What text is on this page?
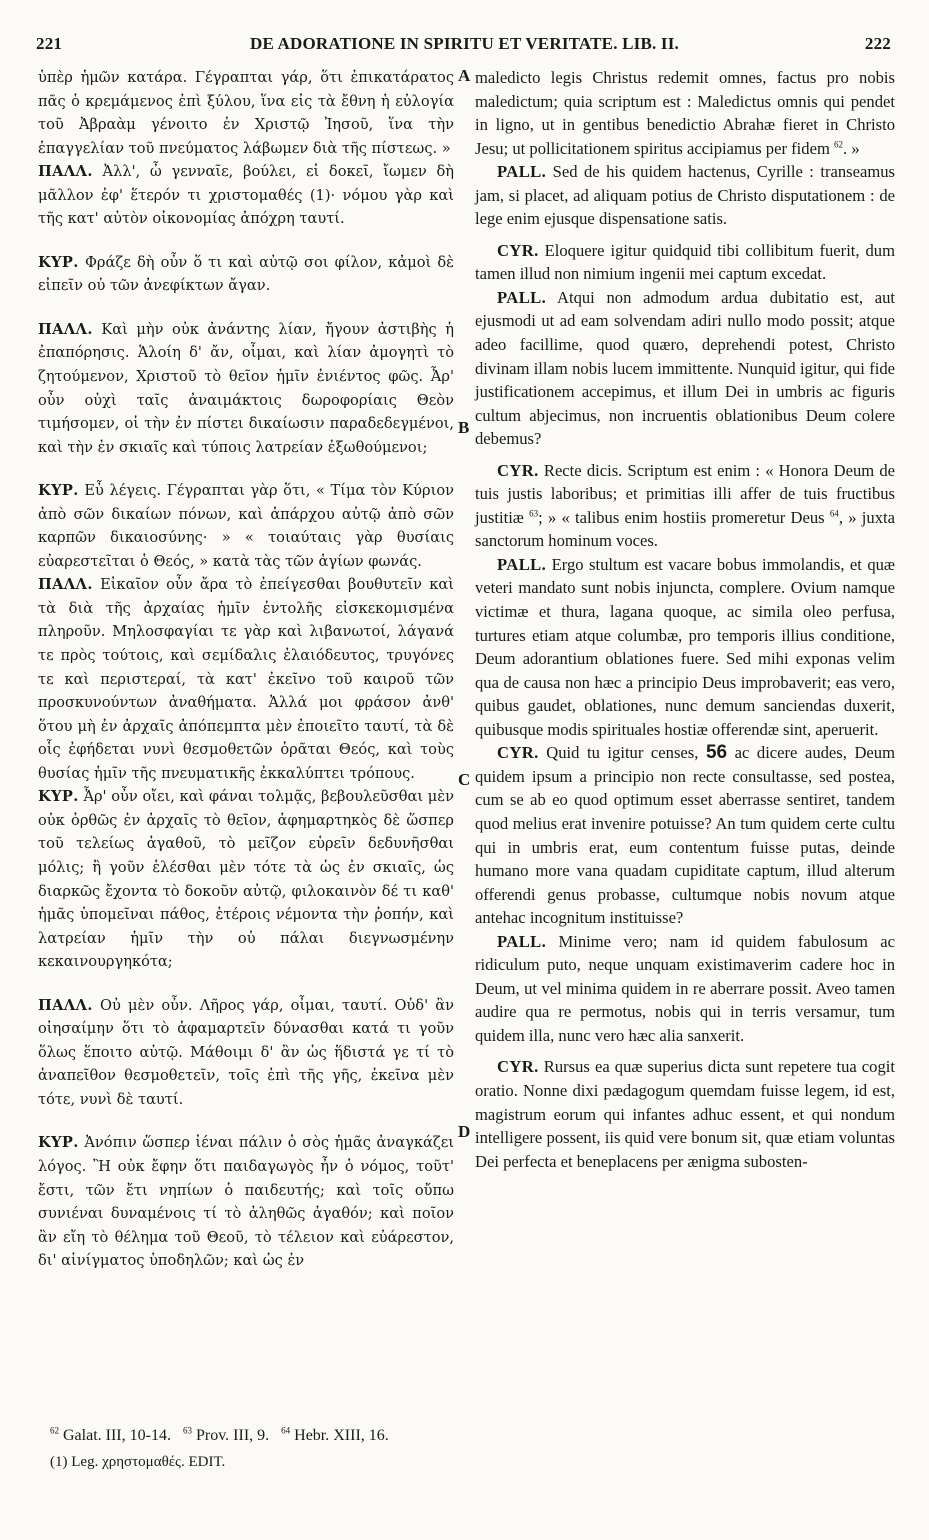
221	DE ADORATIONE IN SPIRITU ET VERITATE. LIB. II.	222
A
B
C
D

ὑπὲρ ἡμῶν κατάρα. Γέγραπται γάρ, ὅτι ἐπικατάρατος πᾶς ὁ κρεμάμενος ἐπὶ ξύλου, ἵνα εἰς τὰ ἔθνη ἡ εὐλογία τοῦ Ἀβραὰμ γένοιτο ἐν Χριστῷ Ἰησοῦ, ἵνα τὴν ἐπαγγελίαν τοῦ πνεύματος λάβωμεν διὰ τῆς πίστεως. »

ΠΑΛΛ. Ἀλλ', ὦ γενναῖε, βούλει, εἰ δοκεῖ, ἴωμεν δὴ μᾶλλον ἐφ' ἕτερόν τι χριστομαθές (1)· νόμου γὰρ καὶ τῆς κατ' αὐτὸν οἰκονομίας ἀπόχρη ταυτί.

ΚΥΡ. Φράζε δὴ οὖν ὅ τι καὶ αὐτῷ σοι φίλον, κἀμοὶ δὲ εἰπεῖν οὐ τῶν ἀνεφίκτων ἄγαν.

ΠΑΛΛ. Καὶ μὴν οὐκ ἀνάντης λίαν, ἤγουν ἀστιβὴς ἡ ἐπαπόρησις. Ἁλοίη δ' ἄν, οἶμαι, καὶ λίαν ἀμογητὶ τὸ ζητούμενον, Χριστοῦ τὸ θεῖον ἡμῖν ἐνιέντος φῶς. Ἆρ' οὖν οὐχὶ ταῖς ἀναιμάκτοις δωροφορίαις Θεὸν τιμήσομεν, οἱ τὴν ἐν πίστει δικαίωσιν παραδεδεγμένοι, καὶ τὴν ἐν σκιαῖς καὶ τύποις λατρείαν ἐξωθούμενοι;

ΚΥΡ. Εὖ λέγεις. Γέγραπται γὰρ ὅτι, « Τίμα τὸν Κύριον ἀπὸ σῶν δικαίων πόνων, καὶ ἀπάρχου αὐτῷ ἀπὸ σῶν καρπῶν δικαιοσύνης· » « τοιαύταις γὰρ θυσίαις εὐαρεστεῖται ὁ Θεός, » κατὰ τὰς τῶν ἁγίων φωνάς.

ΠΑΛΛ. Εἰκαῖον οὖν ἄρα τὸ ἐπείγεσθαι βουθυτεῖν καὶ τὰ διὰ τῆς ἀρχαίας ἡμῖν ἐντολῆς εἰσκεκομισμένα πληροῦν. Μηλοσφαγίαι τε γὰρ καὶ λιβανωτοί, λάγανά τε πρὸς τούτοις, καὶ σεμίδαλις ἐλαιόδευτος, τρυγόνες τε καὶ περιστεραί, τὰ κατ' ἐκεῖνο τοῦ καιροῦ τῶν προσκυνούντων ἀναθήματα. Ἀλλά μοι φράσον ἀνθ' ὅτου μὴ ἐν ἀρχαῖς ἀπόπεμπτα μὲν ἐποιεῖτο ταυτί, τὰ δὲ οἷς ἐφήδεται νυνὶ θεσμοθετῶν ὁρᾶται Θεός, καὶ τοὺς θυσίας ἡμῖν τῆς πνευματικῆς ἐκκαλύπτει τρόπους.

ΚΥΡ. Ἆρ' οὖν οἴει, καὶ φάναι τολμᾷς, βεβουλεῦσθαι μὲν οὐκ ὀρθῶς ἐν ἀρχαῖς τὸ θεῖον, ἀφημαρτηκὸς δὲ ὥσπερ τοῦ τελείως ἀγαθοῦ, τὸ μεῖζον εὑρεῖν δεδυνῆσθαι μόλις; ἢ γοῦν ἑλέσθαι μὲν τότε τὰ ὡς ἐν σκιαῖς, ὡς διαρκῶς ἔχοντα τὸ δοκοῦν αὐτῷ, φιλοκαινὸν δέ τι καθ' ἡμᾶς ὑπομεῖναι πάθος, ἑτέροις νέμοντα τὴν ῥοπήν, καὶ λατρείαν ἡμῖν τὴν οὐ πάλαι διεγνωσμένην κεκαινουργηκότα;

ΠΑΛΛ. Οὐ μὲν οὖν. Λῆρος γάρ, οἶμαι, ταυτί. Οὐδ' ἂν οἰησαίμην ὅτι τὸ ἀφαμαρτεῖν δύνασθαι κατά τι γοῦν ὅλως ἕποιτο αὐτῷ. Μάθοιμι δ' ἂν ὡς ἥδιστά γε τί τὸ ἀναπεῖθον θεσμοθετεῖν, τοῖς ἐπὶ τῆς γῆς, ἐκεῖνα μὲν τότε, νυνὶ δὲ ταυτί.

ΚΥΡ. Ἀνόπιν ὥσπερ ἰέναι πάλιν ὁ σὸς ἡμᾶς ἀναγκάζει λόγος. Ἢ οὐκ ἔφην ὅτι παιδαγωγὸς ἦν ὁ νόμος, τοῦτ' ἔστι, τῶν ἔτι νηπίων ὁ παιδευτής; καὶ τοῖς οὔπω συνιέναι δυναμένοις τί τὸ ἀληθῶς ἀγαθόν; καὶ ποῖον ἂν εἴη τὸ θέλημα τοῦ Θεοῦ, τὸ τέλειον καὶ εὐάρεστον, δι' αἰνίγματος ὑποδηλῶν; καὶ ὡς ἐν

maledicto legis Christus redemit omnes, factus pro nobis maledictum; quia scriptum est : Maledictus omnis qui pendet in ligno, ut in gentibus benedictio Abrahæ fieret in Christo Jesu; ut pollicitationem spiritus accipiamus per fidem $^{62}$. »

PALL. Sed de his quidem hactenus, Cyrille : transeamus jam, si placet, ad aliquam potius de Christo disputationem : de lege enim ejusque dispensatione satis.

CYR. Eloquere igitur quidquid tibi collibitum fuerit, dum tamen illud non nimium ingenii mei captum excedat.

PALL. Atqui non admodum ardua dubitatio est, aut ejusmodi ut ad eam solvendam adiri nullo modo possit; atque adeo facillime, quod quæro, deprehendi potest, Christo divinam illam nobis lucem immittente. Nunquid igitur, qui fide justificationem accepimus, et illum Dei in umbris ac figuris cultum abjecimus, non incruentis oblationibus Deum colere debemus?

CYR. Recte dicis. Scriptum est enim : « Honora Deum de tuis justis laboribus; et primitias illi affer de tuis fructibus justitiæ $^{63}$; » « talibus enim hostiis promeretur Deus $^{64}$, » juxta sanctorum hominum voces.

PALL. Ergo stultum est vacare bobus immolandis, et quæ veteri mandato sunt nobis injuncta, complere. Ovium namque victimæ et thura, lagana quoque, ac simila oleo perfusa, turtures etiam atque columbæ, pro temporis illius conditione, Deum adorantium oblationes fuere. Sed mihi exponas velim qua de causa non hæc a principio Deus improbaverit; eas vero, quibus gaudet, oblationes, nunc demum sanciendas duxerit, quibusque modis spirituales hostiæ offerendæ sint, aperuerit.

CYR. Quid tu igitur censes, 56 ac dicere audes, Deum quidem ipsum a principio non recte consultasse, sed postea, cum se ab eo quod optimum esset aberrasse sentiret, tandem quod melius erat invenire potuisse? An tum quidem certe cultu qui in umbris erat, eum contentum fuisse putas, deinde humano more vana quadam cupiditate captum, illud alterum offerendi genus probasse, cultumque nobis novum atque antehac incognitum instituisse?

PALL. Minime vero; nam id quidem fabulosum ac ridiculum puto, neque unquam existimaverim cadere hoc in Deum, ut vel minima quidem in re aberrare possit. Aveo tamen audire qua re permotus, nobis qui in terris versamur, tum quidem illa, nunc vero hæc alia sanxerit.

CYR. Rursus ea quæ superius dicta sunt repetere tua cogit oratio. Nonne dixi pædagogum quemdam fuisse legem, id est, magistrum eorum qui infantes adhuc essent, et qui nondum intelligere possent, iis quid vere bonum sit, quæ etiam voluntas Dei perfecta et beneplacens per ænigma subosten-

$^{62}$ Galat. III, 10-14. $^{63}$ Prov. III, 9. $^{64}$ Hebr. XIII, 16.
(1) Leg. χρηστομαθές. EDIT.
